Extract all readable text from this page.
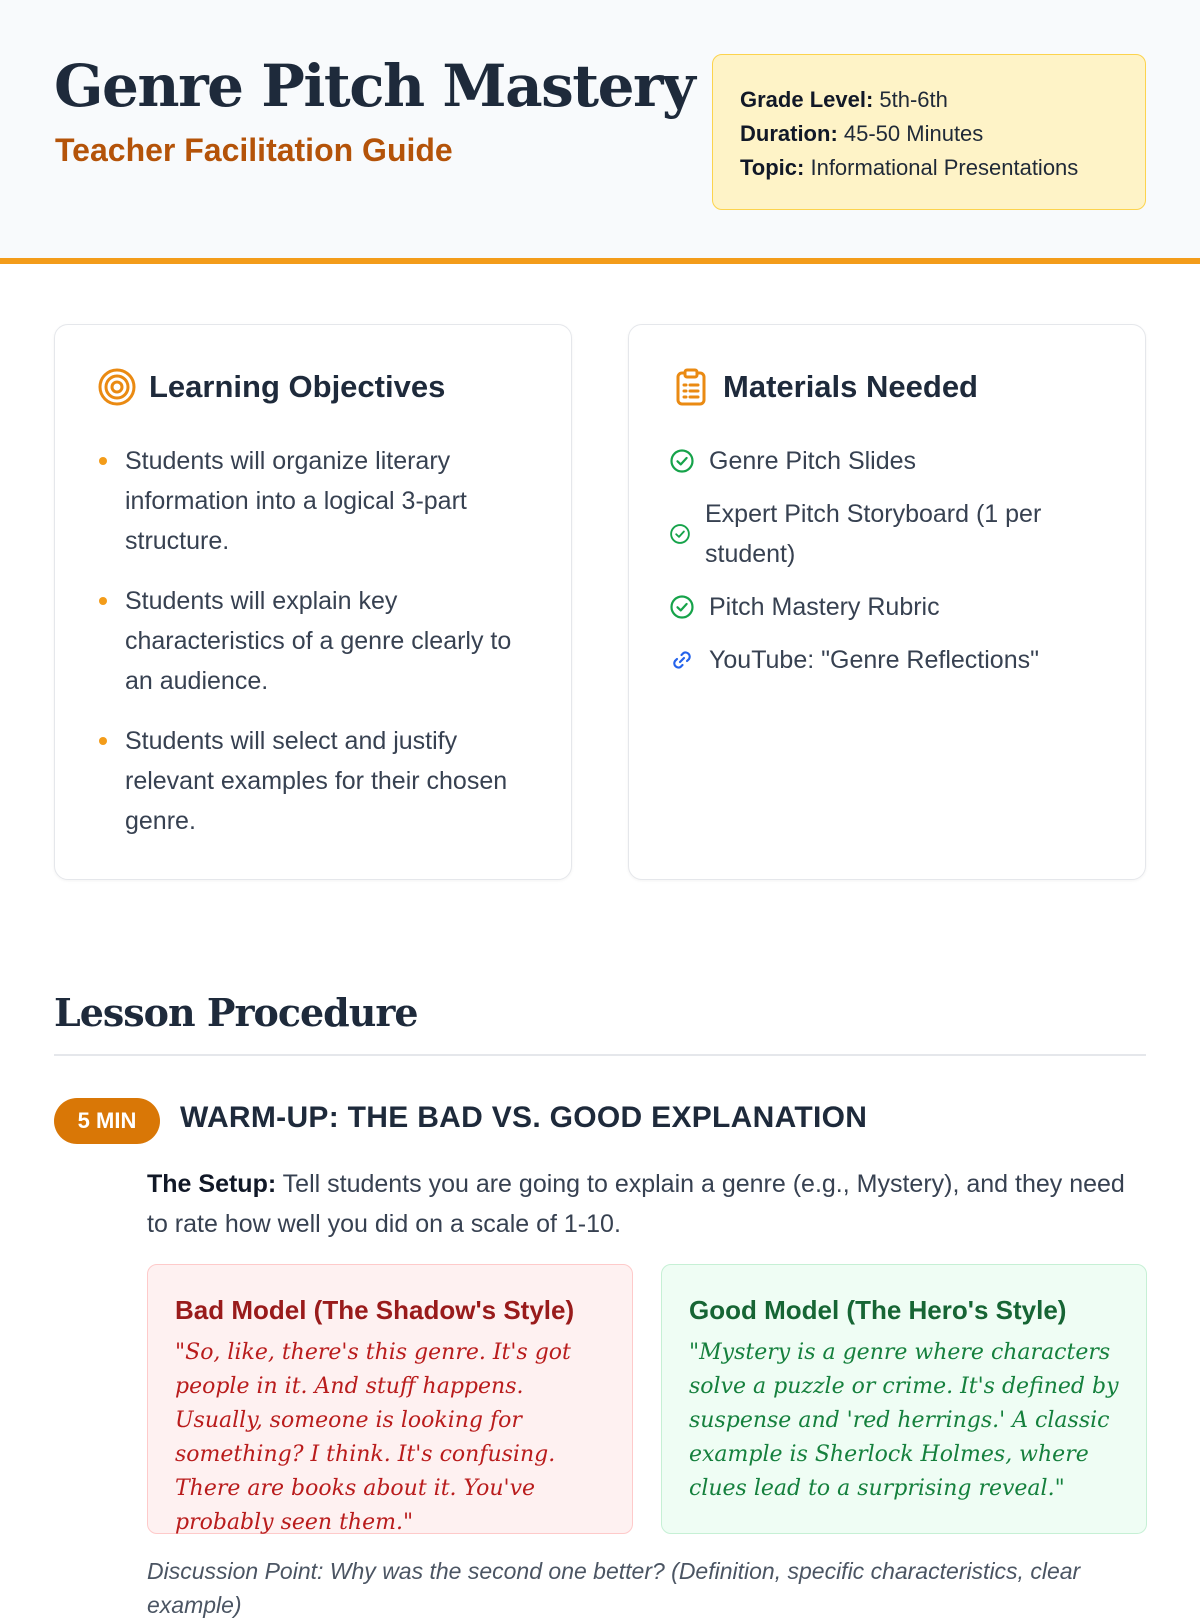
Genre Pitch Mastery
Teacher Facilitation Guide
Grade Level: 5th-6th
Duration: 45-50 Minutes
Topic: Informational Presentations
Learning Objectives
Students will organize literary information into a logical 3-part structure.
Students will explain key characteristics of a genre clearly to an audience.
Students will select and justify relevant examples for their chosen genre.
Materials Needed
Genre Pitch Slides
Expert Pitch Storyboard (1 per student)
Pitch Mastery Rubric
YouTube: "Genre Reflections"
Lesson Procedure
5 MIN	WARM-UP: THE BAD VS. GOOD EXPLANATION

The Setup: Tell students you are going to explain a genre (e.g., Mystery), and they need to rate how well you did on a scale of 1-10.

Bad Model (The Shadow's Style)
"So, like, there's this genre. It's got people in it. And stuff happens. Usually, someone is looking for something? I think. It's confusing. There are books about it. You've probably seen them."
Good Model (The Hero's Style)
"Mystery is a genre where characters solve a puzzle or crime. It's defined by suspense and 'red herrings.' A classic example is Sherlock Holmes, where clues lead to a surprising reveal."

Discussion Point: Why was the second one better? (Definition, specific characteristics, clear example)
